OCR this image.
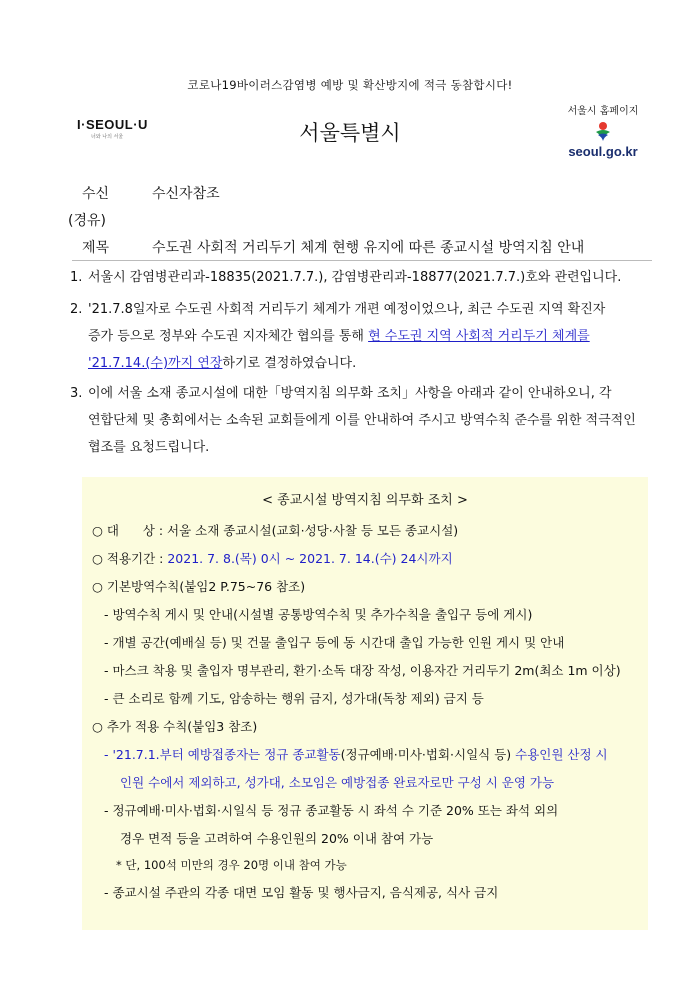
코로나19바이러스감염병 예방 및 확산방지에 적극 동참합시다!
I·SEOUL·U
너와 나의 서울	서울특별시
서울시 홈페이지
seoul.go.kr
수신	수신자참조
(경유)
제목	수도권 사회적 거리두기 체계 현행 유지에 따른 종교시설 방역지침 안내
1. 서울시 감염병관리과-18835(2021.7.7.), 감염병관리과-18877(2021.7.7.)호와 관련입니다.
2. '21.7.8일자로 수도권 사회적 거리두기 체계가 개편 예정이었으나, 최근 수도권 지역 확진자
증가 등으로 정부와 수도권 지자체간 협의를 통해 현 수도권 지역 사회적 거리두기 체계를
'21.7.14.(수)까지 연장하기로 결정하였습니다.
3. 이에 서울 소재 종교시설에 대한「방역지침 의무화 조치」사항을 아래과 같이 안내하오니, 각
연합단체 및 총회에서는 소속된 교회들에게 이를 안내하여 주시고 방역수칙 준수를 위한 적극적인
협조를 요청드립니다.
< 종교시설 방역지침 의무화 조치 >
○ 대      상 : 서울 소재 종교시설(교회·성당·사찰 등 모든 종교시설)
○ 적용기간 : 2021. 7. 8.(목) 0시 ~ 2021. 7. 14.(수) 24시까지
○ 기본방역수칙(붙임2 P.75~76 참조)
- 방역수칙 게시 및 안내(시설별 공통방역수칙 및 추가수칙을 출입구 등에 게시)
- 개별 공간(예배실 등) 및 건물 출입구 등에 동 시간대 출입 가능한 인원 게시 및 안내
- 마스크 착용 및 출입자 명부관리, 환기·소독 대장 작성, 이용자간 거리두기 2m(최소 1m 이상)
- 큰 소리로 함께 기도, 암송하는 행위 금지, 성가대(독창 제외) 금지 등
○ 추가 적용 수칙(붙임3 참조)
- '21.7.1.부터 예방접종자는 정규 종교활동(정규예배·미사·법회·시일식 등) 수용인원 산정 시
인원 수에서 제외하고, 성가대, 소모임은 예방접종 완료자로만 구성 시 운영 가능
- 정규예배·미사·법회·시일식 등 정규 종교활동 시 좌석 수 기준 20% 또는 좌석 외의
경우 면적 등을 고려하여 수용인원의 20% 이내 참여 가능
* 단, 100석 미만의 경우 20명 이내 참여 가능
- 종교시설 주관의 각종 대면 모임 활동 및 행사금지, 음식제공, 식사 금지
